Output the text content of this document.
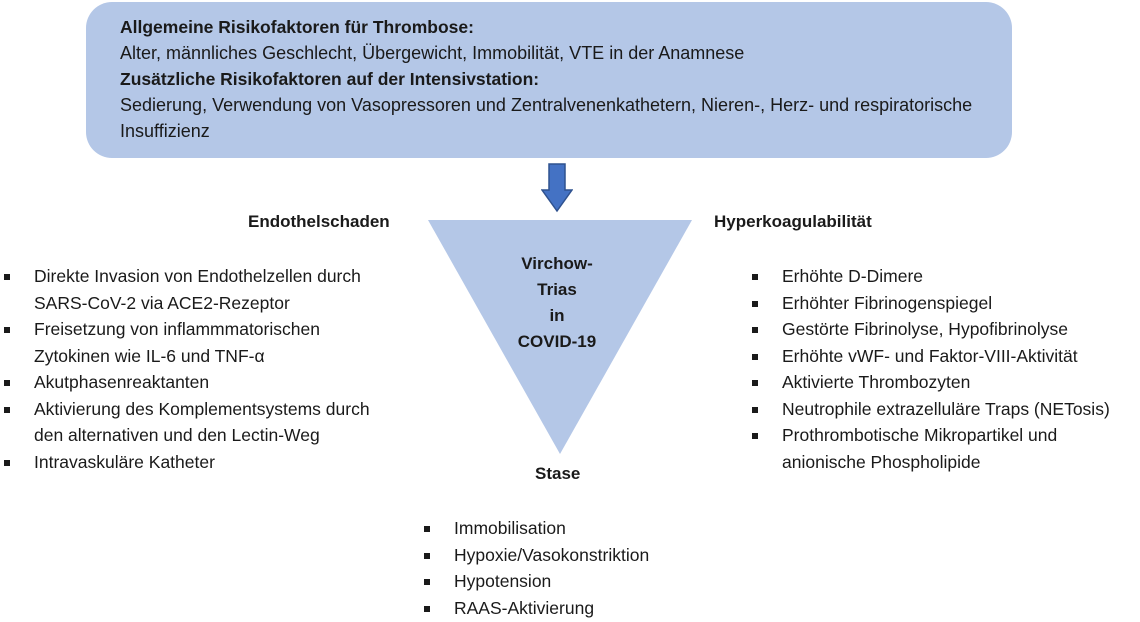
Allgemeine Risikofaktoren für Thrombose:
Alter, männliches Geschlecht, Übergewicht, Immobilität, VTE in der Anamnese
Zusätzliche Risikofaktoren auf der Intensivstation:
Sedierung, Verwendung von Vasopressoren und Zentralvenenkathetern, Nieren-, Herz- und respiratorische Insuffizienz
Virchow-
Trias
in
COVID-19
Endothelschaden
Direkte Invasion von Endothelzellen durch SARS-CoV-2 via ACE2-Rezeptor
Freisetzung von inflammmatorischen Zytokinen wie IL-6 und TNF-α
Akutphasenreaktanten
Aktivierung des Komplementsystems durch den alternativen und den Lectin-Weg
Intravaskuläre Katheter
Hyperkoagulabilität
Erhöhte D-Dimere
Erhöhter Fibrinogenspiegel
Gestörte Fibrinolyse, Hypofibrinolyse
Erhöhte vWF- und Faktor-VIII-Aktivität
Aktivierte Thrombozyten
Neutrophile extrazelluläre Traps (NETosis)
Prothrombotische Mikropartikel und anionische Phospholipide
Stase
Immobilisation
Hypoxie/Vasokonstriktion
Hypotension
RAAS-Aktivierung
